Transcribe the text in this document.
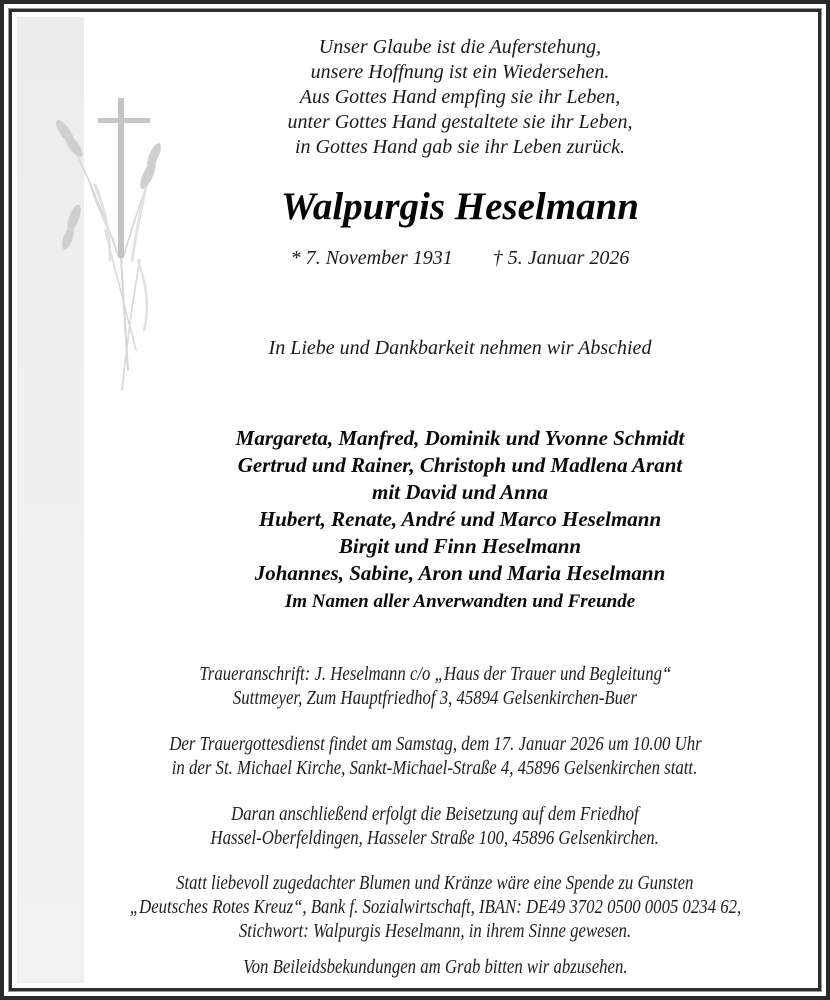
Unser Glaube ist die Auferstehung,
unsere Hoffnung ist ein Wiedersehen.
Aus Gottes Hand empfing sie ihr Leben,
unter Gottes Hand gestaltete sie ihr Leben,
in Gottes Hand gab sie ihr Leben zurück.
Walpurgis Heselmann
* 7. November 1931 † 5. Januar 2026
In Liebe und Dankbarkeit nehmen wir Abschied
Margareta, Manfred, Dominik und Yvonne Schmidt
Gertrud und Rainer, Christoph und Madlena Arant
mit David und Anna
Hubert, Renate, André und Marco Heselmann
Birgit und Finn Heselmann
Johannes, Sabine, Aron und Maria Heselmann
Im Namen aller Anverwandten und Freunde
Traueranschrift: J. Heselmann c/o „Haus der Trauer und Begleitung“
Suttmeyer, Zum Hauptfriedhof 3, 45894 Gelsenkirchen-Buer
Der Trauergottesdienst findet am Samstag, dem 17. Januar 2026 um 10.00 Uhr
in der St. Michael Kirche, Sankt-Michael-Straße 4, 45896 Gelsenkirchen statt.
Daran anschließend erfolgt die Beisetzung auf dem Friedhof
Hassel-Oberfeldingen, Hasseler Straße 100, 45896 Gelsenkirchen.
Statt liebevoll zugedachter Blumen und Kränze wäre eine Spende zu Gunsten
„Deutsches Rotes Kreuz“, Bank f. Sozialwirtschaft, IBAN: DE49 3702 0500 0005 0234 62,
Stichwort: Walpurgis Heselmann, in ihrem Sinne gewesen.
Von Beileidsbekundungen am Grab bitten wir abzusehen.
